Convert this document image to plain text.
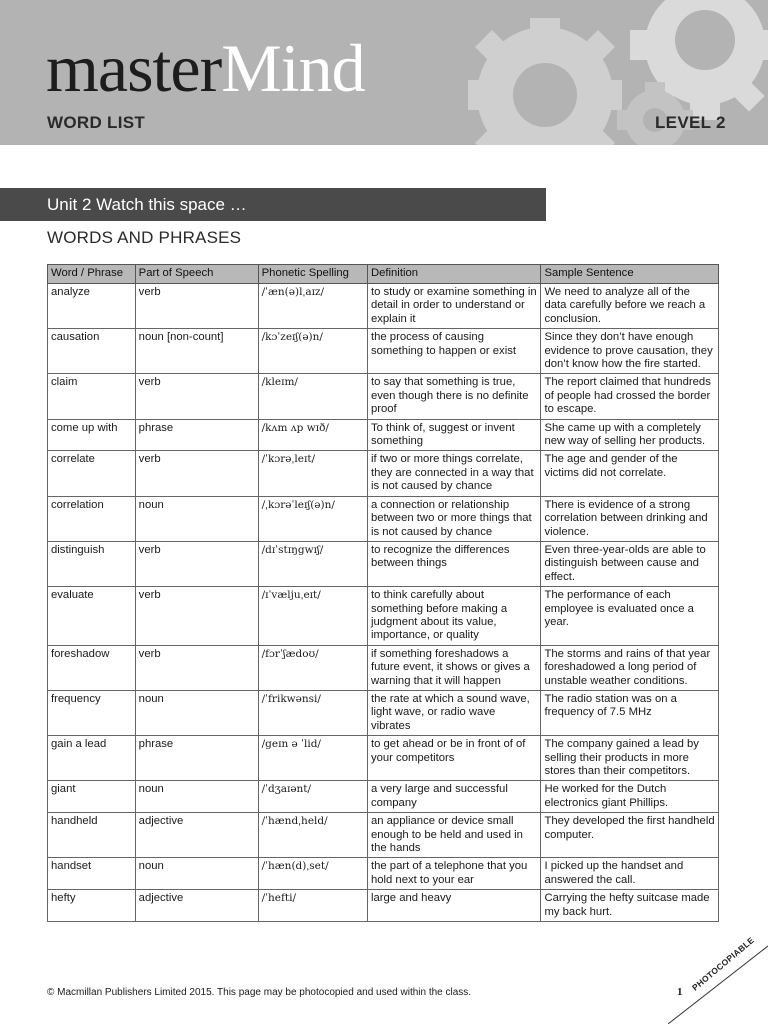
masterMind
WORD LIST	LEVEL 2
Unit 2 Watch this space …
WORDS AND PHRASES
Word / Phrase	Part of Speech	Phonetic Spelling	Definition	Sample Sentence
analyze	verb	/ˈæn(ə)lˌaɪz/	to study or examine something in detail in order to understand or explain it	We need to analyze all of the data carefully before we reach a conclusion.
causation	noun [non-count]	/kɔˈzeɪʃ(ə)n/	the process of causing something to happen or exist	Since they don’t have enough evidence to prove causation, they don’t know how the fire started.
claim	verb	/kleɪm/	to say that something is true, even though there is no definite proof	The report claimed that hundreds of people had crossed the border to escape.
come up with	phrase	/kʌm ʌp wɪð/	To think of, suggest or invent something	She came up with a completely new way of selling her products.
correlate	verb	/ˈkɔrəˌleɪt/	if two or more things correlate, they are connected in a way that is not caused by chance	The age and gender of the victims did not correlate.
correlation	noun	/ˌkɔrəˈleɪʃ(ə)n/	a connection or relationship between two or more things that is not caused by chance	There is evidence of a strong correlation between drinking and violence.
distinguish	verb	/dɪˈstɪŋgwɪʃ/	to recognize the differences between things	Even three-year-olds are able to distinguish between cause and effect.
evaluate	verb	/ɪˈvæljuˌeɪt/	to think carefully about something before making a judgment about its value, importance, or quality	The performance of each employee is evaluated once a year.
foreshadow	verb	/fɔrˈʃædoʊ/	if something foreshadows a future event, it shows or gives a warning that it will happen	The storms and rains of that year foreshadowed a long period of unstable weather conditions.
frequency	noun	/ˈfrikwənsi/	the rate at which a sound wave, light wave, or radio wave vibrates	The radio station was on a frequency of 7.5 MHz
gain a lead	phrase	/geɪn ə ˈlid/	to get ahead or be in front of of your competitors	The company gained a lead by selling their products in more stores than their competitors.
giant	noun	/ˈdʒaɪənt/	a very large and successful company	He worked for the Dutch electronics giant Phillips.
handheld	adjective	/ˈhændˌheld/	an appliance or device small enough to be held and used in the hands	They developed the first handheld computer.
handset	noun	/ˈhæn(d)ˌset/	the part of a telephone that you hold next to your ear	I picked up the handset and answered the call.
hefty	adjective	/ˈhefti/	large and heavy	Carrying the hefty suitcase made my back hurt.
© Macmillan Publishers Limited 2015. This page may be photocopied and used within the class.	1 PHOTOCOPIABLE
